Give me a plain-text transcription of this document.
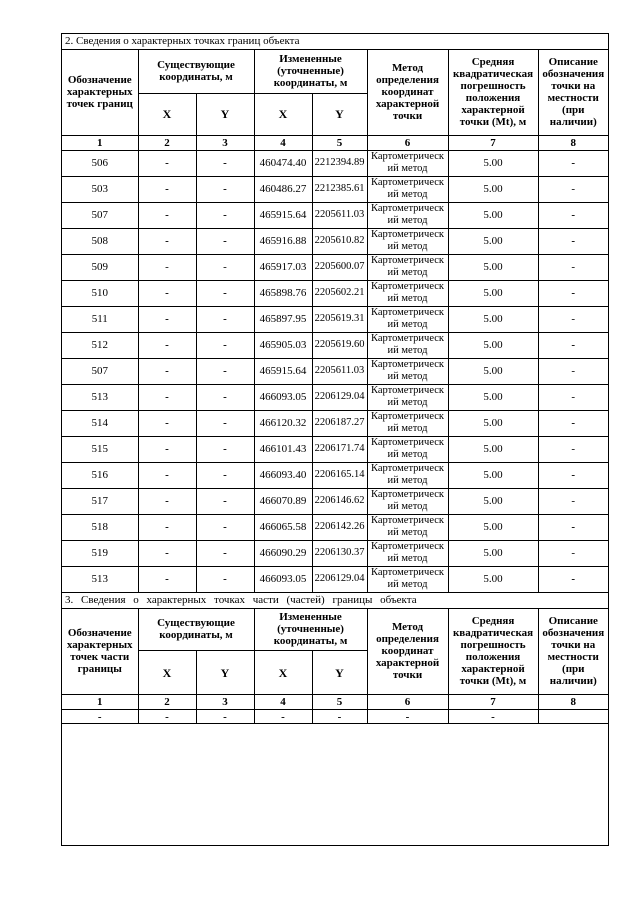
2. Сведения о характерных точках границ объекта
Обозначение характерных точек границ	Существующие координаты, м		Измененные (уточненные) координаты, м		Метод определения координат характерной точки	Средняя квадратическая погрешность положения характерной точки (Mt), м	Описание обозначения точки на местности (при наличии)
	X	Y	X	Y			
1	2	3	4	5	6	7	8
506	-	-	460474.40	2212394.89	Картометрический метод	5.00	-
503	-	-	460486.27	2212385.61	Картометрический метод	5.00	-
507	-	-	465915.64	2205611.03	Картометрический метод	5.00	-
508	-	-	465916.88	2205610.82	Картометрический метод	5.00	-
509	-	-	465917.03	2205600.07	Картометрический метод	5.00	-
510	-	-	465898.76	2205602.21	Картометрический метод	5.00	-
511	-	-	465897.95	2205619.31	Картометрический метод	5.00	-
512	-	-	465905.03	2205619.60	Картометрический метод	5.00	-
507	-	-	465915.64	2205611.03	Картометрический метод	5.00	-
513	-	-	466093.05	2206129.04	Картометрический метод	5.00	-
514	-	-	466120.32	2206187.27	Картометрический метод	5.00	-
515	-	-	466101.43	2206171.74	Картометрический метод	5.00	-
516	-	-	466093.40	2206165.14	Картометрический метод	5.00	-
517	-	-	466070.89	2206146.62	Картометрический метод	5.00	-
518	-	-	466065.58	2206142.26	Картометрический метод	5.00	-
519	-	-	466090.29	2206130.37	Картометрический метод	5.00	-
513	-	-	466093.05	2206129.04	Картометрический метод	5.00	-
3. Сведения о характерных точках части (частей) границы объекта
Обозначение характерных точек части границы	Существующие координаты, м		Измененные (уточненные) координаты, м		Метод определения координат характерной точки	Средняя квадратическая погрешность положения характерной точки (Mt), м	Описание обозначения точки на местности (при наличии)
	X	Y	X	Y			
1	2	3	4	5	6	7	8
-	-	-	-	-	-	-	
